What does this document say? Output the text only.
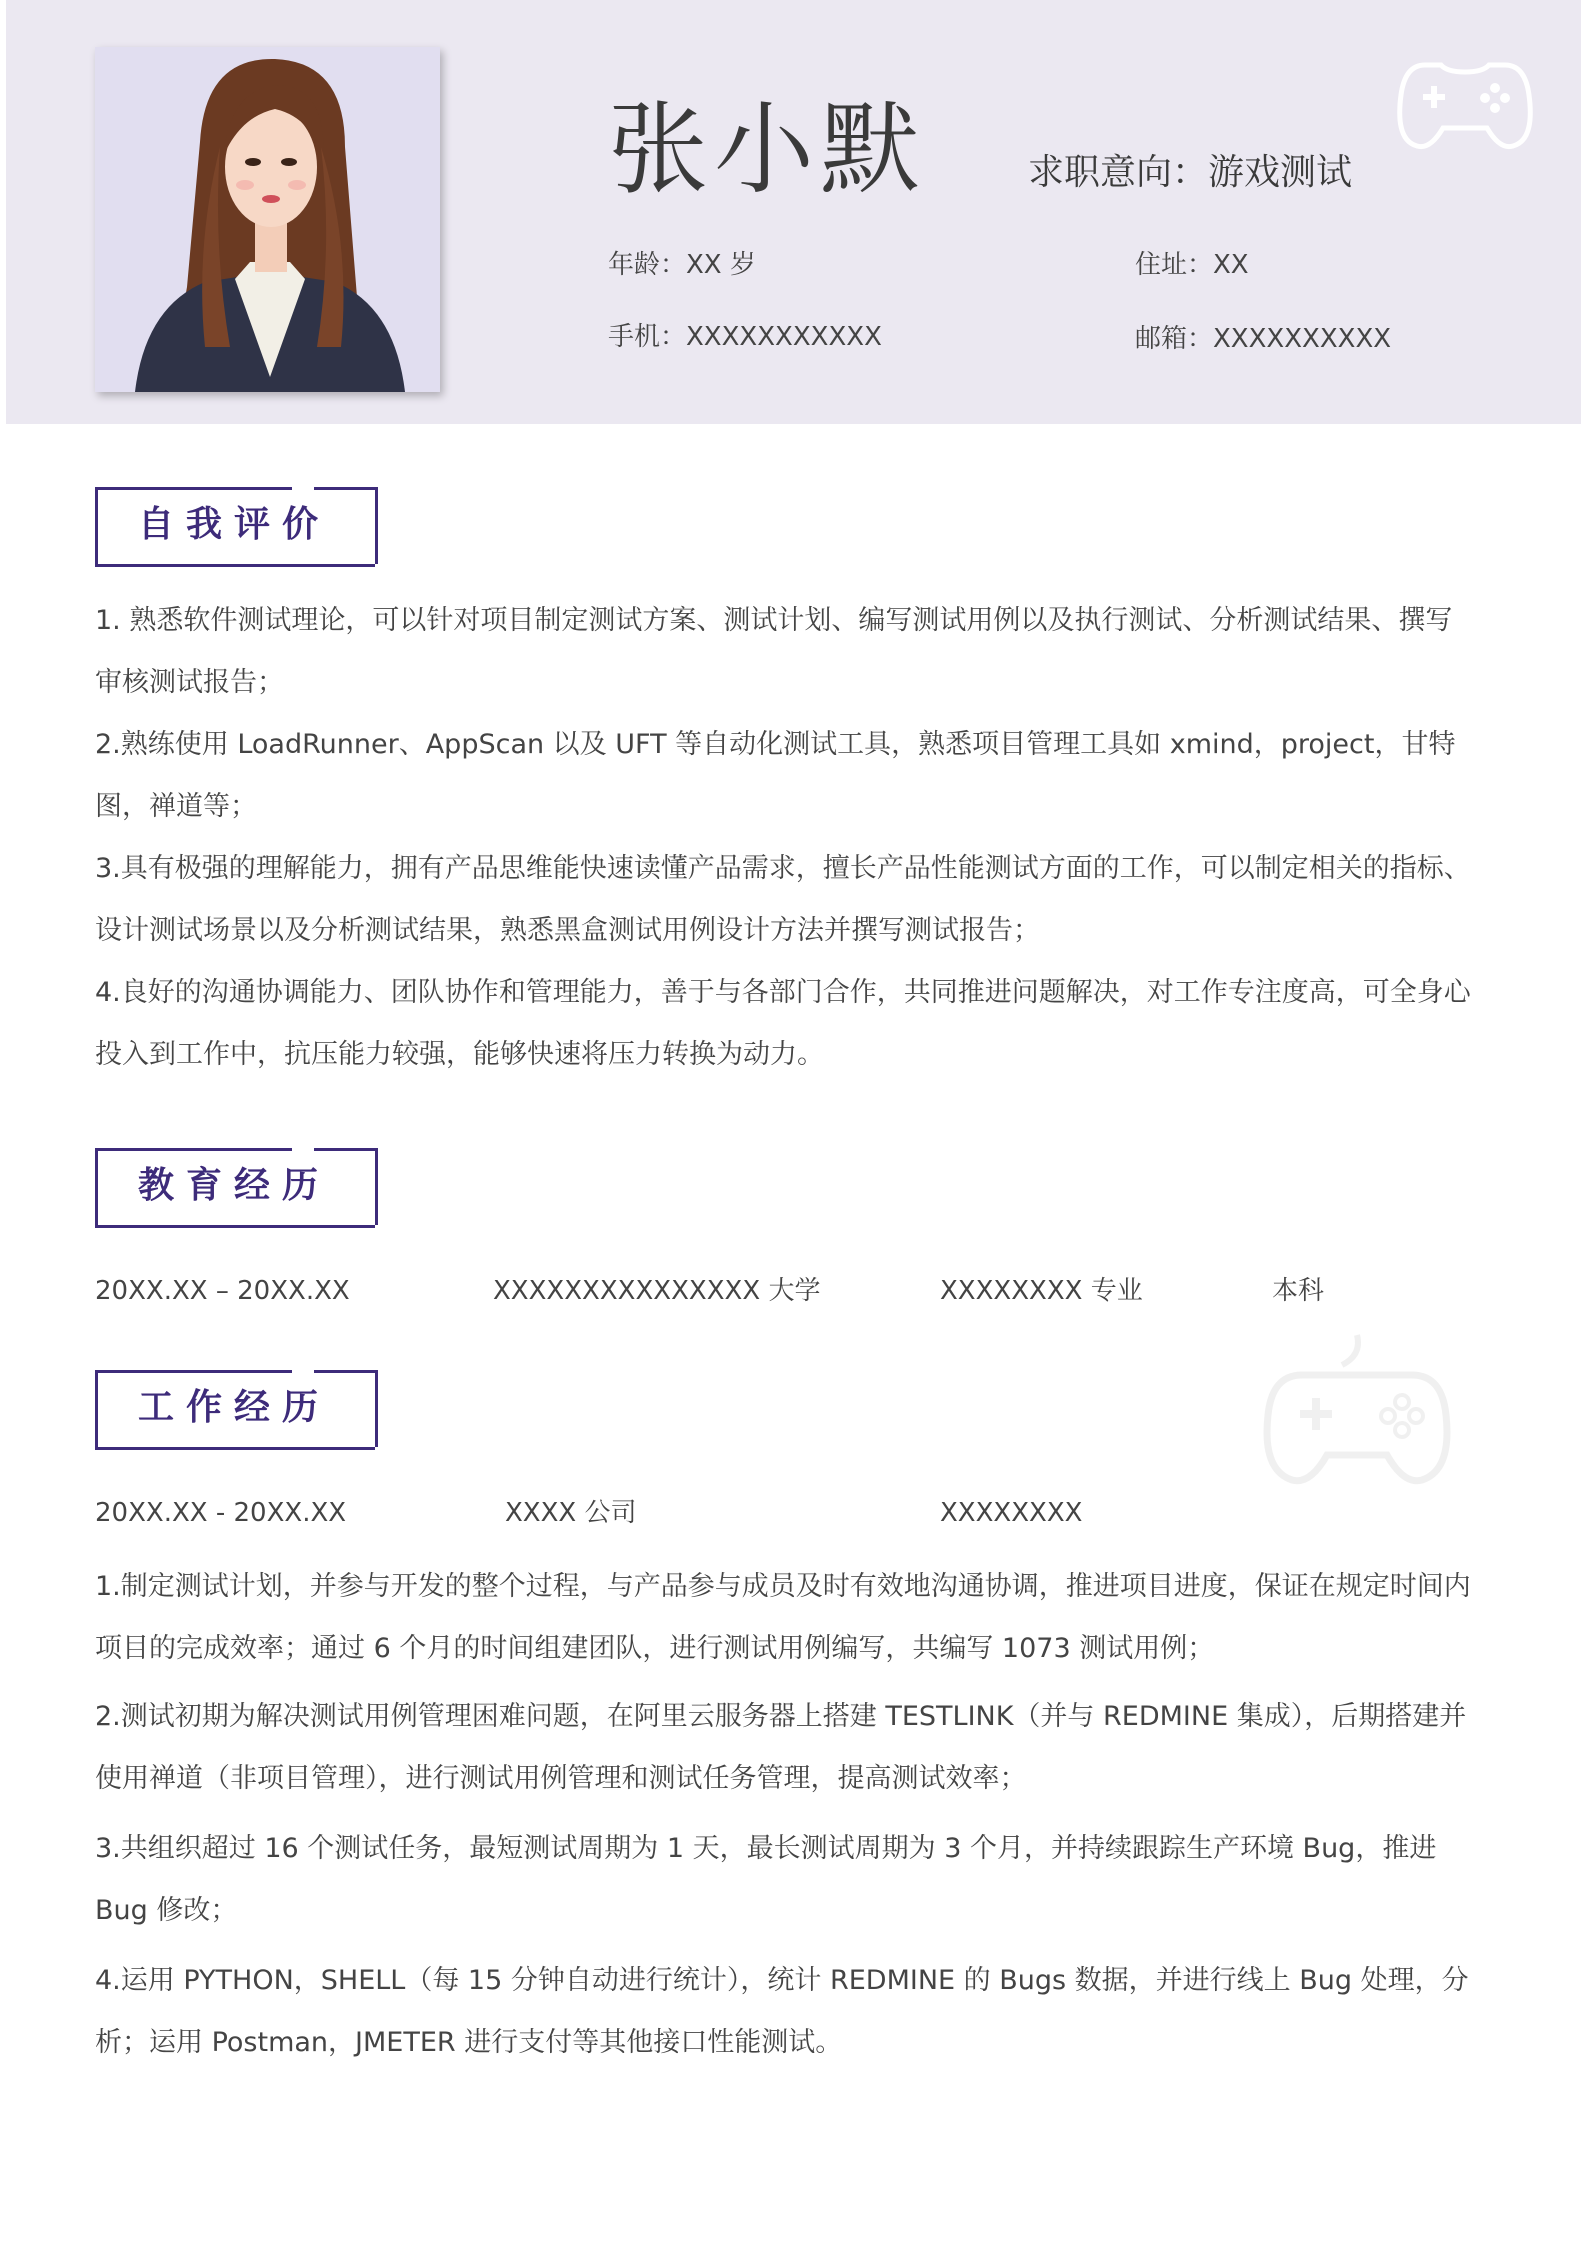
张小默	求职意向：游戏测试
年龄：XX 岁	住址：XX
手机：XXXXXXXXXXX	邮箱：XXXXXXXXXX
自我评价
1. 熟悉软件测试理论，可以针对项目制定测试方案、测试计划、编写测试用例以及执行测试、分析测试结果、撰写审核测试报告；
2.熟练使用 LoadRunner、AppScan 以及 UFT 等自动化测试工具，熟悉项目管理工具如 xmind，project，甘特图，禅道等；
3.具有极强的理解能力，拥有产品思维能快速读懂产品需求，擅长产品性能测试方面的工作，可以制定相关的指标、设计测试场景以及分析测试结果，熟悉黑盒测试用例设计方法并撰写测试报告；
4.良好的沟通协调能力、团队协作和管理能力，善于与各部门合作，共同推进问题解决，对工作专注度高，可全身心投入到工作中，抗压能力较强，能够快速将压力转换为动力。
教育经历
20XX.XX – 20XX.XX	XXXXXXXXXXXXXXX 大学	XXXXXXXX 专业	本科
工作经历
20XX.XX - 20XX.XX	XXXX 公司	XXXXXXXX
1.制定测试计划，并参与开发的整个过程，与产品参与成员及时有效地沟通协调，推进项目进度，保证在规定时间内项目的完成效率；通过 6 个月的时间组建团队，进行测试用例编写，共编写 1073 测试用例；
2.测试初期为解决测试用例管理困难问题，在阿里云服务器上搭建 TESTLINK（并与 REDMINE 集成），后期搭建并使用禅道（非项目管理），进行测试用例管理和测试任务管理，提高测试效率；
3.共组织超过 16 个测试任务，最短测试周期为 1 天，最长测试周期为 3 个月，并持续跟踪生产环境 Bug，推进 Bug 修改；
4.运用 PYTHON，SHELL（每 15 分钟自动进行统计），统计 REDMINE 的 Bugs 数据，并进行线上 Bug 处理，分析；运用 Postman，JMETER 进行支付等其他接口性能测试。
